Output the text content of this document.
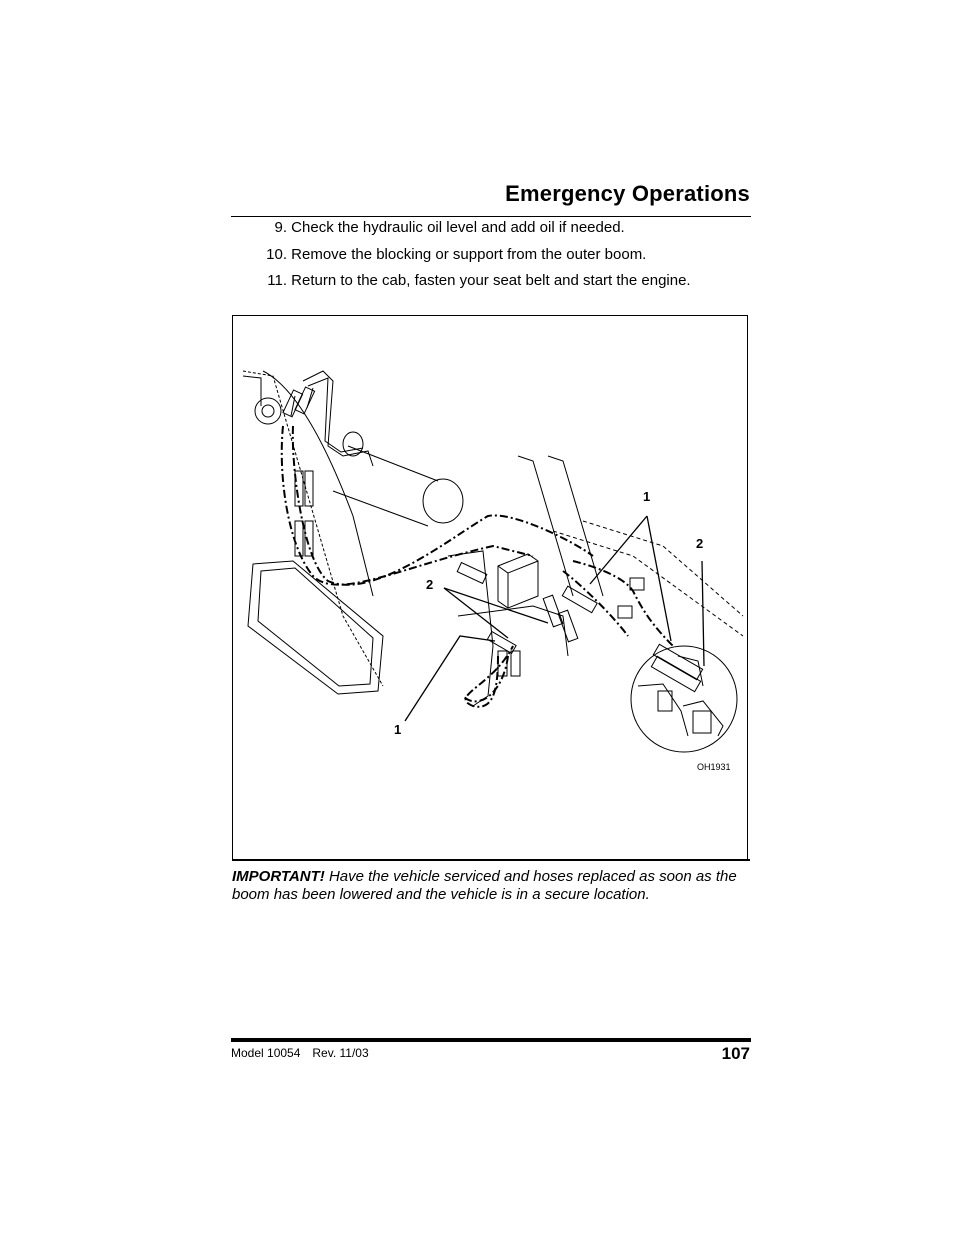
Emergency Operations
9. Check the hydraulic oil level and add oil if needed.
10. Remove the blocking or support from the outer boom.
11. Return to the cab, fasten your seat belt and start the engine.
1
2
2
1
OH1931
IMPORTANT! Have the vehicle serviced and hoses replaced as soon as the boom has been lowered and the vehicle is in a secure location.
Model 10054 Rev. 11/03	107
